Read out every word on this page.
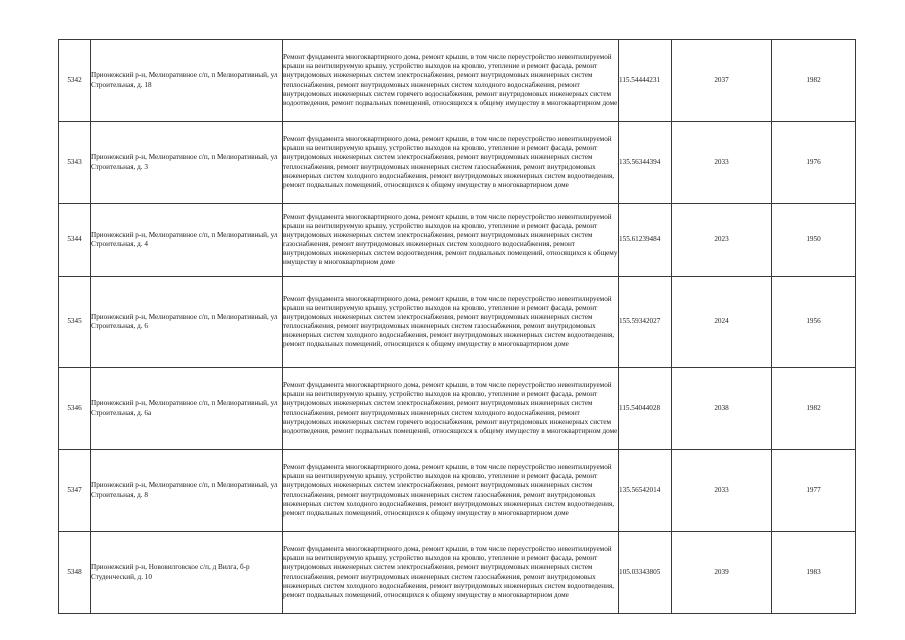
5342	Прионежский р-н, Мелиоративное с/п, п Мелиоративный, ул Строительная, д. 18	Ремонт фундамента многоквартирного дома, ремонт крыши, в том числе переустройство невентилируемой крыши на вентилируемую крышу, устройство выходов на кровлю, утепление и ремонт фасада, ремонт внутридомовых инженерных систем электроснабжения, ремонт внутридомовых инженерных систем теплоснабжения, ремонт внутридомовых инженерных систем холодного водоснабжения, ремонт внутридомовых инженерных систем горячего водоснабжения, ремонт внутридомовых инженерных систем водоотведения, ремонт подвальных помещений, относящихся к общему имуществу в многоквартирном доме	115.54444231	2037	1982
5343	Прионежский р-н, Мелиоративное с/п, п Мелиоративный, ул Строительная, д. 3	Ремонт фундамента многоквартирного дома, ремонт крыши, в том числе переустройство невентилируемой крыши на вентилируемую крышу, устройство выходов на кровлю, утепление и ремонт фасада, ремонт внутридомовых инженерных систем электроснабжения, ремонт внутридомовых инженерных систем теплоснабжения, ремонт внутридомовых инженерных систем газоснабжения, ремонт внутридомовых инженерных систем холодного водоснабжения, ремонт внутридомовых инженерных систем водоотведения, ремонт подвальных помещений, относящихся к общему имуществу в многоквартирном доме	135.56344394	2033	1976
5344	Прионежский р-н, Мелиоративное с/п, п Мелиоративный, ул Строительная, д. 4	Ремонт фундамента многоквартирного дома, ремонт крыши, в том числе переустройство невентилируемой крыши на вентилируемую крышу, устройство выходов на кровлю, утепление и ремонт фасада, ремонт внутридомовых инженерных систем электроснабжения, ремонт внутридомовых инженерных систем газоснабжения, ремонт внутридомовых инженерных систем холодного водоснабжения, ремонт внутридомовых инженерных систем водоотведения, ремонт подвальных помещений, относящихся к общему имуществу в многоквартирном доме	155.61239484	2023	1950
5345	Прионежский р-н, Мелиоративное с/п, п Мелиоративный, ул Строительная, д. 6	Ремонт фундамента многоквартирного дома, ремонт крыши, в том числе переустройство невентилируемой крыши на вентилируемую крышу, устройство выходов на кровлю, утепление и ремонт фасада, ремонт внутридомовых инженерных систем электроснабжения, ремонт внутридомовых инженерных систем теплоснабжения, ремонт внутридомовых инженерных систем газоснабжения, ремонт внутридомовых инженерных систем холодного водоснабжения, ремонт внутридомовых инженерных систем водоотведения, ремонт подвальных помещений, относящихся к общему имуществу в многоквартирном доме	155.59342027	2024	1956
5346	Прионежский р-н, Мелиоративное с/п, п Мелиоративный, ул Строительная, д. 6а	Ремонт фундамента многоквартирного дома, ремонт крыши, в том числе переустройство невентилируемой крыши на вентилируемую крышу, устройство выходов на кровлю, утепление и ремонт фасада, ремонт внутридомовых инженерных систем электроснабжения, ремонт внутридомовых инженерных систем теплоснабжения, ремонт внутридомовых инженерных систем холодного водоснабжения, ремонт внутридомовых инженерных систем горячего водоснабжения, ремонт внутридомовых инженерных систем водоотведения, ремонт подвальных помещений, относящихся к общему имуществу в многоквартирном доме	115.54044028	2038	1982
5347	Прионежский р-н, Мелиоративное с/п, п Мелиоративный, ул Строительная, д. 8	Ремонт фундамента многоквартирного дома, ремонт крыши, в том числе переустройство невентилируемой крыши на вентилируемую крышу, устройство выходов на кровлю, утепление и ремонт фасада, ремонт внутридомовых инженерных систем электроснабжения, ремонт внутридомовых инженерных систем теплоснабжения, ремонт внутридомовых инженерных систем газоснабжения, ремонт внутридомовых инженерных систем холодного водоснабжения, ремонт внутридомовых инженерных систем водоотведения, ремонт подвальных помещений, относящихся к общему имуществу в многоквартирном доме	135.56542014	2033	1977
5348	Прионежский р-н, Нововилговское с/п, д Вилга, б-р Студенческий, д. 10	Ремонт фундамента многоквартирного дома, ремонт крыши, в том числе переустройство невентилируемой крыши на вентилируемую крышу, устройство выходов на кровлю, утепление и ремонт фасада, ремонт внутридомовых инженерных систем электроснабжения, ремонт внутридомовых инженерных систем теплоснабжения, ремонт внутридомовых инженерных систем газоснабжения, ремонт внутридомовых инженерных систем холодного водоснабжения, ремонт внутридомовых инженерных систем водоотведения, ремонт подвальных помещений, относящихся к общему имуществу в многоквартирном доме	105.03343805	2039	1983
